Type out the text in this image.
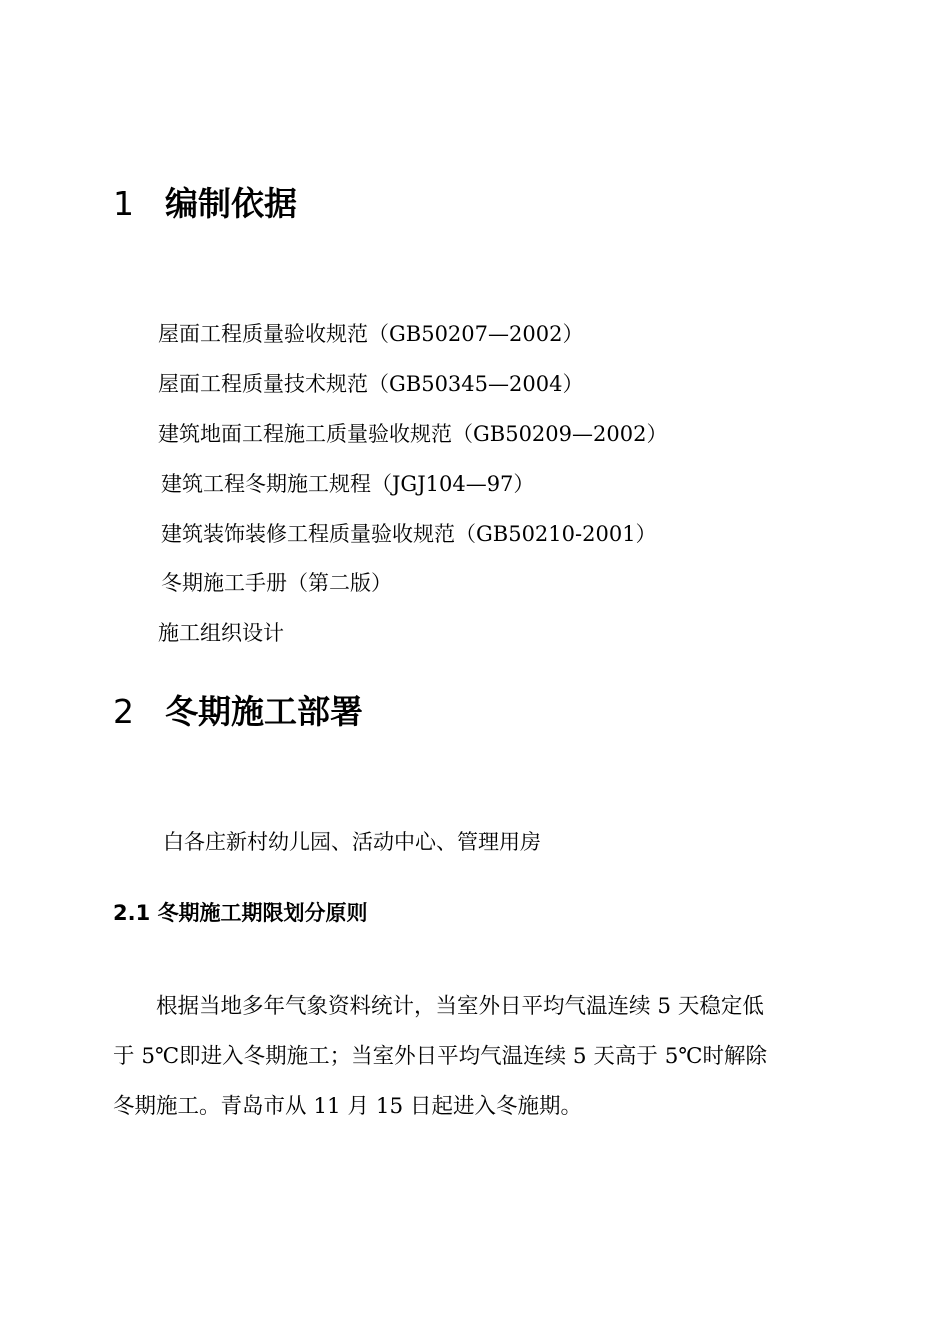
1 编制依据
屋面工程质量验收规范（GB50207—2002）
屋面工程质量技术规范（GB50345—2004）
建筑地面工程施工质量验收规范（GB50209—2002）
建筑工程冬期施工规程（JGJ104—97）
建筑装饰装修工程质量验收规范（GB50210-2001）
冬期施工手册（第二版）
施工组织设计
2 冬期施工部署
白各庄新村幼儿园、活动中心、管理用房
2.1 冬期施工期限划分原则
　　根据当地多年气象资料统计，当室外日平均气温连续 5 天稳定低
于 5℃即进入冬期施工；当室外日平均气温连续 5 天高于 5℃时解除
冬期施工。青岛市从 11 月 15 日起进入冬施期。
